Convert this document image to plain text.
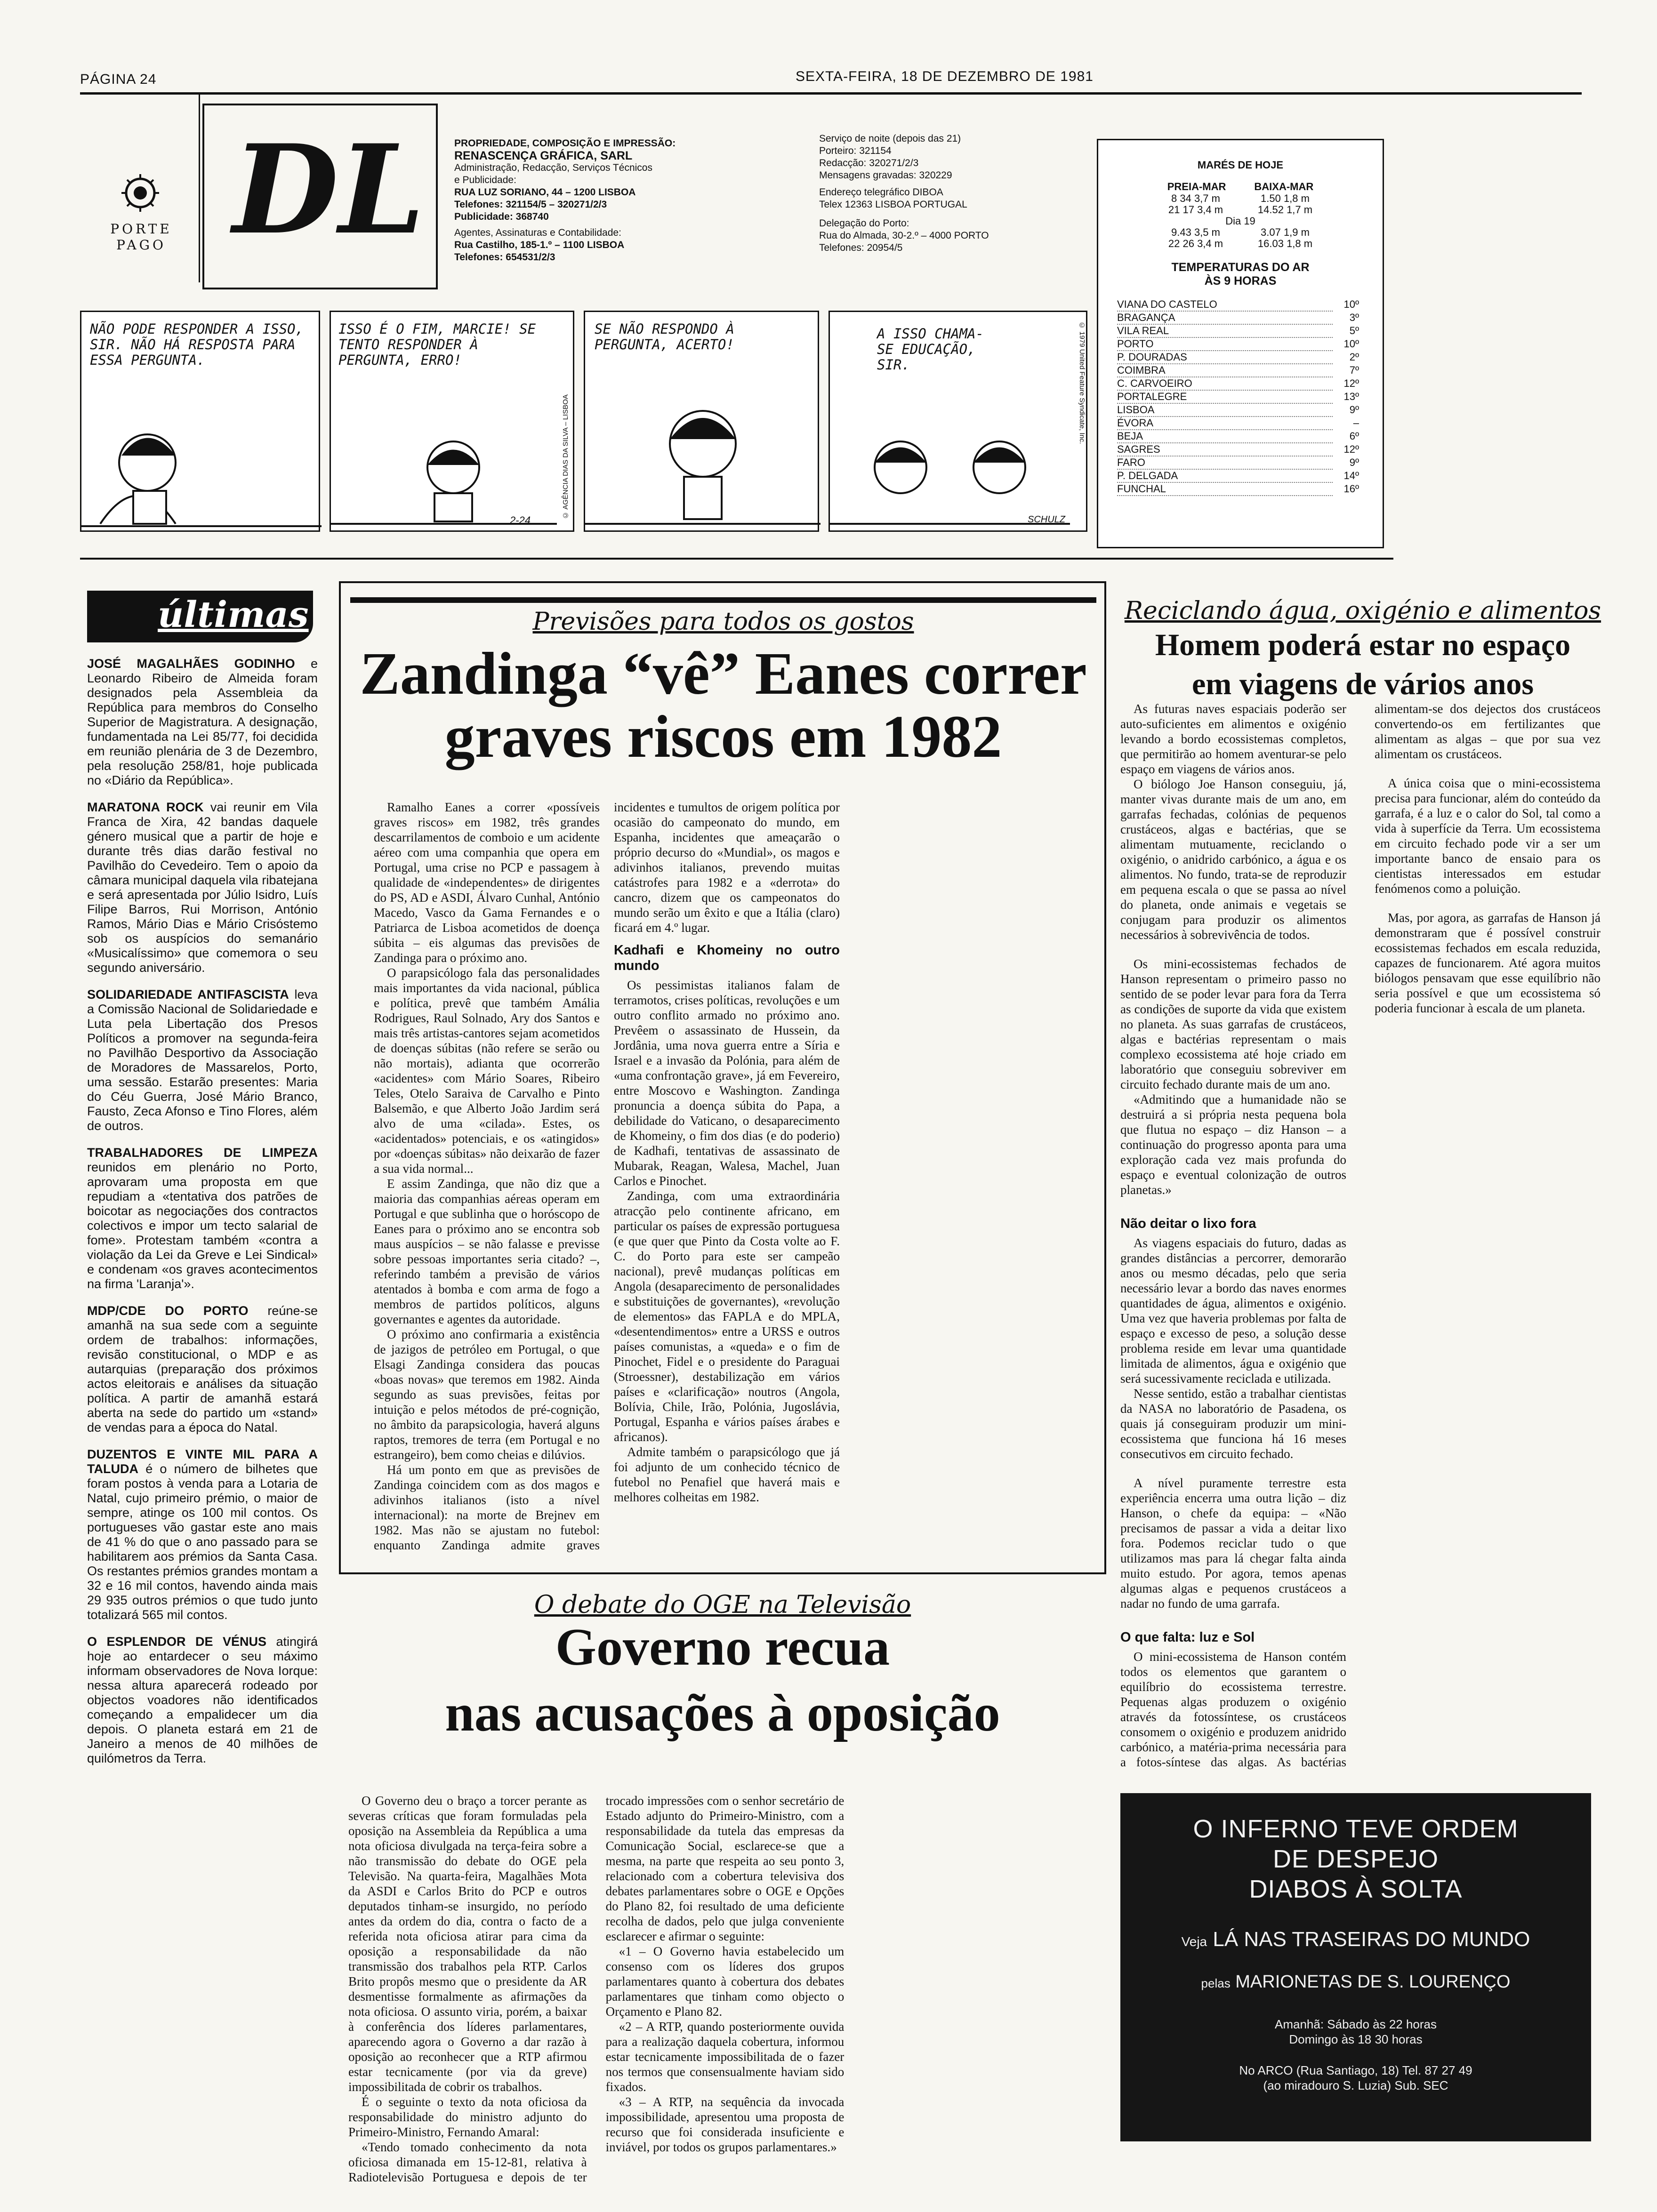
PÁGINA 24	SEXTA-FEIRA, 18 DE DEZEMBRO DE 1981
PORTE
PAGO DL	PROPRIEDADE, COMPOSIÇÃO E IMPRESSÃO:
RENASCENÇA GRÁFICA, SARL
Administração, Redacção, Serviços Técnicos
e Publicidade:
RUA LUZ SORIANO, 44 – 1200 LISBOA
Telefones: 321154/5 – 320271/2/3
Publicidade: 368740
Agentes, Assinaturas e Contabilidade:
Rua Castilho, 185-1.º – 1100 LISBOA
Telefones: 654531/2/3
Serviço de noite (depois das 21)
Porteiro: 321154
Redacção: 320271/2/3
Mensagens gravadas: 320229
Endereço telegráfico DIBOA
Telex 12363 LISBOA PORTUGAL
Delegação do Porto:
Rua do Almada, 30-2.º – 4000 PORTO
Telefones: 20954/5
NÃO PODE RESPONDER A ISSO, SIR. NÃO HÁ RESPOSTA PARA ESSA PERGUNTA.
ISSO É O FIM, MARCIE! SE TENTO RESPONDER À PERGUNTA, ERRO!
© AGÊNCIA DIAS DA SILVA – LISBOA
2-24
SE NÃO RESPONDO À PERGUNTA, ACERTO!
A ISSO CHAMA-SE EDUCAÇÃO, SIR.	© 1979 United Feature Syndicate, Inc.
SCHULZ
MARÉS DE HOJE
PREIA-MAR	BAIXA-MAR
8 34 3,7 m	1.50 1,8 m
21 17 3,4 m	14.52 1,7 m
Dia 19	
9.43 3,5 m	3.07 1,9 m
22 26 3,4 m	16.03 1,8 m
TEMPERATURAS DO AR
ÀS 9 HORAS
VIANA DO CASTELO	10º
BRAGANÇA	3º
VILA REAL	5º
PORTO	10º
P. DOURADAS	2º
COIMBRA	7º
C. CARVOEIRO	12º
PORTALEGRE	13º
LISBOA	9º
ÉVORA	–
BEJA	6º
SAGRES	12º
FARO	9º
P. DELGADA	14º
FUNCHAL	16º
últimas

JOSÉ MAGALHÃES GODINHO e Leonardo Ribeiro de Almeida foram designados pela Assembleia da República para membros do Conselho Superior de Magistratura. A designação, fundamentada na Lei 85/77, foi decidida em reunião plenária de 3 de Dezembro, pela resolução 258/81, hoje publicada no «Diário da República».

MARATONA ROCK vai reunir em Vila Franca de Xira, 42 bandas daquele género musical que a partir de hoje e durante três dias darão festival no Pavilhão do Cevedeiro. Tem o apoio da câmara municipal daquela vila ribatejana e será apresentada por Júlio Isidro, Luís Filipe Barros, Rui Morrison, António Ramos, Mário Dias e Mário Crisóstemo sob os auspícios do semanário «Musicalíssimo» que comemora o seu segundo aniversário.

SOLIDARIEDADE ANTIFASCISTA leva a Comissão Nacional de Solidariedade e Luta pela Libertação dos Presos Políticos a promover na segunda-feira no Pavilhão Desportivo da Associação de Moradores de Massarelos, Porto, uma sessão. Estarão presentes: Maria do Céu Guerra, José Mário Branco, Fausto, Zeca Afonso e Tino Flores, além de outros.

TRABALHADORES DE LIMPEZA reunidos em plenário no Porto, aprovaram uma proposta em que repudiam a «tentativa dos patrões de boicotar as negociações dos contractos colectivos e impor um tecto salarial de fome». Protestam também «contra a violação da Lei da Greve e Lei Sindical» e condenam «os graves acontecimentos na firma 'Laranja'».

MDP/CDE DO PORTO reúne-se amanhã na sua sede com a seguinte ordem de trabalhos: informações, revisão constitucional, o MDP e as autarquias (preparação dos próximos actos eleitorais e análises da situação política. A partir de amanhã estará aberta na sede do partido um «stand» de vendas para a época do Natal.

DUZENTOS E VINTE MIL PARA A TALUDA é o número de bilhetes que foram postos à venda para a Lotaria de Natal, cujo primeiro prémio, o maior de sempre, atinge os 100 mil contos. Os portugueses vão gastar este ano mais de 41 % do que o ano passado para se habilitarem aos prémios da Santa Casa. Os restantes prémios grandes montam a 32 e 16 mil contos, havendo ainda mais 29 935 outros prémios o que tudo junto totalizará 565 mil contos.

O ESPLENDOR DE VÉNUS atingirá hoje ao entardecer o seu máximo informam observadores de Nova Iorque: nessa altura aparecerá rodeado por objectos voadores não identificados começando a empalidecer um dia depois. O planeta estará em 21 de Janeiro a menos de 40 milhões de quilómetros da Terra.

Previsões para todos os gostos
Zandinga “vê” Eanes correr graves riscos em 1982

Ramalho Eanes a correr «possíveis graves riscos» em 1982, três grandes descarrilamentos de comboio e um acidente aéreo com uma companhia que opera em Portugal, uma crise no PCP e passagem à qualidade de «independentes» de dirigentes do PS, AD e ASDI, Álvaro Cunhal, António Macedo, Vasco da Gama Fernandes e o Patriarca de Lisboa acometidos de doença súbita – eis algumas das previsões de Zandinga para o próximo ano.

O parapsicólogo fala das personalidades mais importantes da vida nacional, pública e política, prevê que também Amália Rodrigues, Raul Solnado, Ary dos Santos e mais três artistas-cantores sejam acometidos de doenças súbitas (não refere se serão ou não mortais), adianta que ocorrerão «acidentes» com Mário Soares, Ribeiro Teles, Otelo Saraiva de Carvalho e Pinto Balsemão, e que Alberto João Jardim será alvo de uma «cilada». Estes, os «acidentados» potenciais, e os «atingidos» por «doenças súbitas» não deixarão de fazer a sua vida normal...

E assim Zandinga, que não diz que a maioria das companhias aéreas operam em Portugal e que sublinha que o horóscopo de Eanes para o próximo ano se encontra sob maus auspícios – se não falasse e previsse sobre pessoas importantes seria citado? –, referindo também a previsão de vários atentados à bomba e com arma de fogo a membros de partidos políticos, alguns governantes e agentes da autoridade.

O próximo ano confirmaria a existência de jazigos de petróleo em Portugal, o que Elsagi Zandinga considera das poucas «boas novas» que teremos em 1982. Ainda segundo as suas previsões, feitas por intuição e pelos métodos de pré-cognição, no âmbito da parapsicologia, haverá alguns raptos, tremores de terra (em Portugal e no estrangeiro), bem como cheias e dilúvios.

Há um ponto em que as previsões de Zandinga coincidem com as dos magos e adivinhos italianos (isto a nível internacional): na morte de Brejnev em 1982. Mas não se ajustam no futebol: enquanto Zandinga admite graves incidentes e tumultos de origem política por ocasião do campeonato do mundo, em Espanha, incidentes que ameaçarão o próprio decurso do «Mundial», os magos e adivinhos italianos, prevendo muitas catástrofes para 1982 e a «derrota» do cancro, dizem que os campeonatos do mundo serão um êxito e que a Itália (claro) ficará em 4.º lugar.

Kadhafi e Khomeiny no outro mundo

Os pessimistas italianos falam de terramotos, crises políticas, revoluções e um outro conflito armado no próximo ano. Prevêem o assassinato de Hussein, da Jordânia, uma nova guerra entre a Síria e Israel e a invasão da Polónia, para além de «uma confrontação grave», já em Fevereiro, entre Moscovo e Washington. Zandinga pronuncia a doença súbita do Papa, a debilidade do Vaticano, o desaparecimento de Khomeiny, o fim dos dias (e do poderio) de Kadhafi, tentativas de assassinato de Mubarak, Reagan, Walesa, Machel, Juan Carlos e Pinochet.

Zandinga, com uma extraordinária atracção pelo continente africano, em particular os países de expressão portuguesa (e que quer que Pinto da Costa volte ao F. C. do Porto para este ser campeão nacional), prevê mudanças políticas em Angola (desaparecimento de personalidades e substituições de governantes), «revolução de elementos» das FAPLA e do MPLA, «desentendimentos» entre a URSS e outros países comunistas, a «queda» e o fim de Pinochet, Fidel e o presidente do Paraguai (Stroessner), destabilização em vários países e «clarificação» noutros (Angola, Bolívia, Chile, Irão, Polónia, Jugoslávia, Portugal, Espanha e vários países árabes e africanos).

Admite também o parapsicólogo que já foi adjunto de um conhecido técnico de futebol no Penafiel que haverá mais e melhores colheitas em 1982.

Reciclando água, oxigénio e alimentos
Homem poderá estar no espaço
em viagens de vários anos

As futuras naves espaciais poderão ser auto-suficientes em alimentos e oxigénio levando a bordo ecossistemas completos, que permitirão ao homem aventurar-se pelo espaço em viagens de vários anos.

O biólogo Joe Hanson conseguiu, já, manter vivas durante mais de um ano, em garrafas fechadas, colónias de pequenos crustáceos, algas e bactérias, que se alimentam mutuamente, reciclando o oxigénio, o anidrido carbónico, a água e os alimentos. No fundo, trata-se de reproduzir em pequena escala o que se passa ao nível do planeta, onde animais e vegetais se conjugam para produzir os alimentos necessários à sobrevivência de todos.

Os mini-ecossistemas fechados de Hanson representam o primeiro passo no sentido de se poder levar para fora da Terra as condições de suporte da vida que existem no planeta. As suas garrafas de crustáceos, algas e bactérias representam o mais complexo ecossistema até hoje criado em laboratório que conseguiu sobreviver em circuito fechado durante mais de um ano.

«Admitindo que a humanidade não se destruirá a si própria nesta pequena bola que flutua no espaço – diz Hanson – a continuação do progresso aponta para uma exploração cada vez mais profunda do espaço e eventual colonização de outros planetas.»

Não deitar o lixo fora

As viagens espaciais do futuro, dadas as grandes distâncias a percorrer, demorarão anos ou mesmo décadas, pelo que seria necessário levar a bordo das naves enormes quantidades de água, alimentos e oxigénio. Uma vez que haveria problemas por falta de espaço e excesso de peso, a solução desse problema reside em levar uma quantidade limitada de alimentos, água e oxigénio que será sucessivamente reciclada e utilizada.

Nesse sentido, estão a trabalhar cientistas da NASA no laboratório de Pasadena, os quais já conseguiram produzir um mini-ecossistema que funciona há 16 meses consecutivos em circuito fechado.

A nível puramente terrestre esta experiência encerra uma outra lição – diz Hanson, o chefe da equipa: – «Não precisamos de passar a vida a deitar lixo fora. Podemos reciclar tudo o que utilizamos mas para lá chegar falta ainda muito estudo. Por agora, temos apenas algumas algas e pequenos crustáceos a nadar no fundo de uma garrafa.

O que falta: luz e Sol

O mini-ecossistema de Hanson contém todos os elementos que garantem o equilíbrio do ecossistema terrestre. Pequenas algas produzem o oxigénio através da fotossíntese, os crustáceos consomem o oxigénio e produzem anidrido carbónico, a matéria-prima necessária para a fotos-síntese das algas. As bactérias alimentam-se dos dejectos dos crustáceos convertendo-os em fertilizantes que alimentam as algas – que por sua vez alimentam os crustáceos.

A única coisa que o mini-ecossistema precisa para funcionar, além do conteúdo da garrafa, é a luz e o calor do Sol, tal como a vida à superfície da Terra. Um ecossistema em circuito fechado pode vir a ser um importante banco de ensaio para os cientistas interessados em estudar fenómenos como a poluição.

Mas, por agora, as garrafas de Hanson já demonstraram que é possível construir ecossistemas fechados em escala reduzida, capazes de funcionarem. Até agora muitos biólogos pensavam que esse equilíbrio não seria possível e que um ecossistema só poderia funcionar à escala de um planeta.

O debate do OGE na Televisão
Governo recua
nas acusações à oposição

O Governo deu o braço a torcer perante as severas críticas que foram formuladas pela oposição na Assembleia da República a uma nota oficiosa divulgada na terça-feira sobre a não transmissão do debate do OGE pela Televisão. Na quarta-feira, Magalhães Mota da ASDI e Carlos Brito do PCP e outros deputados tinham-se insurgido, no período antes da ordem do dia, contra o facto de a referida nota oficiosa atirar para cima da oposição a responsabilidade da não transmissão dos trabalhos pela RTP. Carlos Brito propôs mesmo que o presidente da AR desmentisse formalmente as afirmações da nota oficiosa. O assunto viria, porém, a baixar à conferência dos líderes parlamentares, aparecendo agora o Governo a dar razão à oposição ao reconhecer que a RTP afirmou estar tecnicamente (por via da greve) impossibilitada de cobrir os trabalhos.

É o seguinte o texto da nota oficiosa da responsabilidade do ministro adjunto do Primeiro-Ministro, Fernando Amaral:

«Tendo tomado conhecimento da nota oficiosa dimanada em 15-12-81, relativa à Radiotelevisão Portuguesa e depois de ter trocado impressões com o senhor secretário de Estado adjunto do Primeiro-Ministro, com a responsabilidade da tutela das empresas da Comunicação Social, esclarece-se que a mesma, na parte que respeita ao seu ponto 3, relacionado com a cobertura televisiva dos debates parlamentares sobre o OGE e Opções do Plano 82, foi resultado de uma deficiente recolha de dados, pelo que julga conveniente esclarecer e afirmar o seguinte:

«1 – O Governo havia estabelecido um consenso com os líderes dos grupos parlamentares quanto à cobertura dos debates parlamentares que tinham como objecto o Orçamento e Plano 82.

«2 – A RTP, quando posteriormente ouvida para a realização daquela cobertura, informou estar tecnicamente impossibilitada de o fazer nos termos que consensualmente haviam sido fixados.

«3 – A RTP, na sequência da invocada impossibilidade, apresentou uma proposta de recurso que foi considerada insuficiente e inviável, por todos os grupos parlamentares.»

O INFERNO TEVE ORDEM
DE DESPEJO
DIABOS À SOLTA
Veja LÁ NAS TRASEIRAS DO MUNDO
pelas MARIONETAS DE S. LOURENÇO
Amanhã: Sábado às 22 horas
Domingo às 18 30 horas
No ARCO (Rua Santiago, 18) Tel. 87 27 49
(ao miradouro S. Luzia) Sub. SEC
